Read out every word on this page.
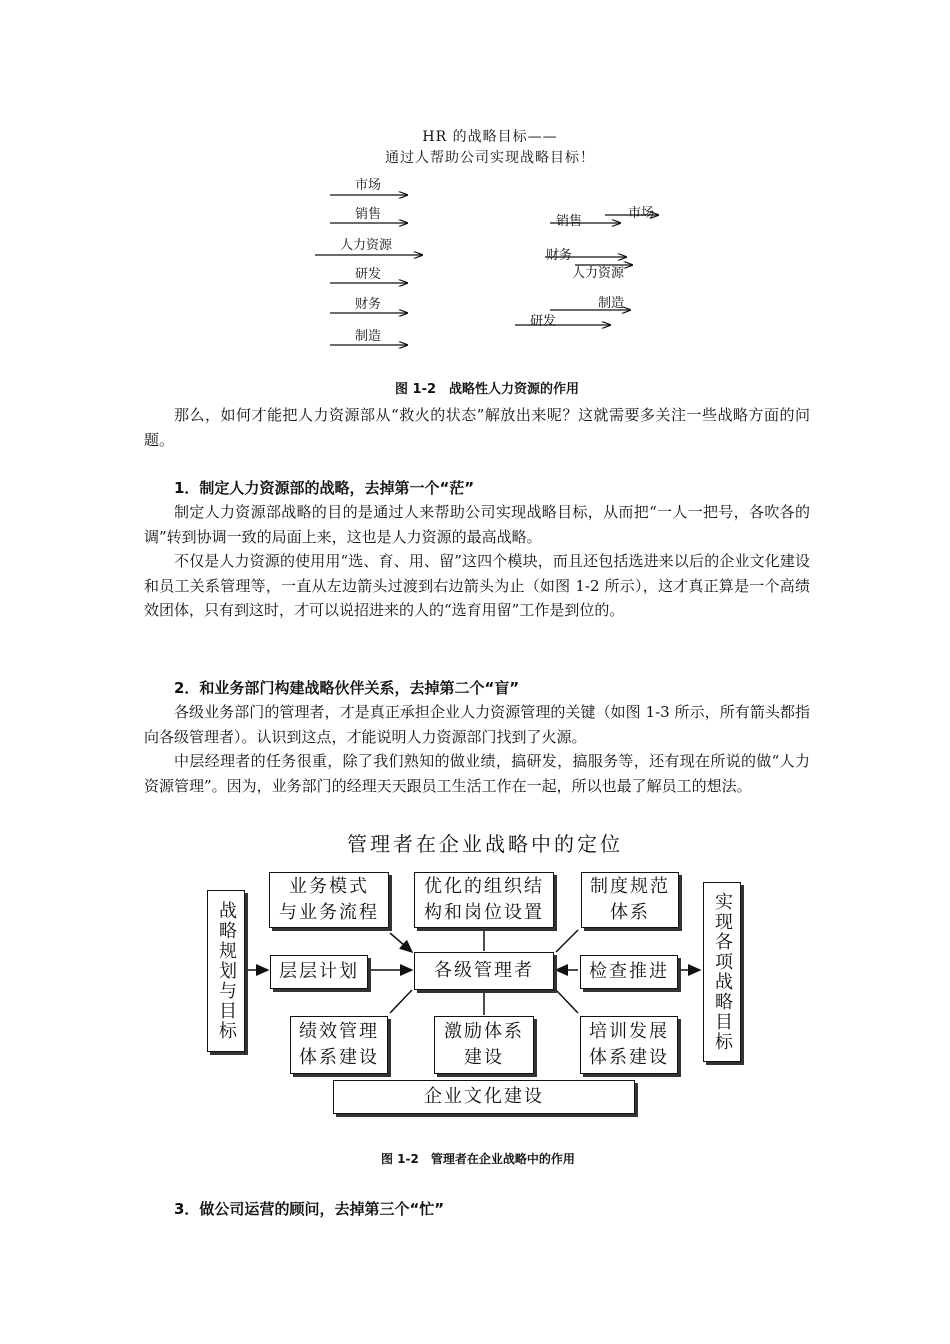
HR 的战略目标——
通过人帮助公司实现战略目标！
市场
销售
人力资源
研发
财务
制造
市场
销售
财务
人力资源
制造
研发
图 1-2　战略性人力资源的作用

那么，如何才能把人力资源部从“救火的状态”解放出来呢？这就需要多关注一些战略方面的问题。

1．制定人力资源部的战略，去掉第一个“茫”

制定人力资源部战略的目的是通过人来帮助公司实现战略目标，从而把“一人一把号，各吹各的调”转到协调一致的局面上来，这也是人力资源的最高战略。

不仅是人力资源的使用用“选、育、用、留”这四个模块，而且还包括选进来以后的企业文化建设和员工关系管理等，一直从左边箭头过渡到右边箭头为止（如图 1-2 所示），这才真正算是一个高绩效团体，只有到这时，才可以说招进来的人的“选育用留”工作是到位的。

2．和业务部门构建战略伙伴关系，去掉第二个“盲”

各级业务部门的管理者，才是真正承担企业人力资源管理的关键（如图 1-3 所示，所有箭头都指向各级管理者）。认识到这点，才能说明人力资源部门找到了火源。

中层经理者的任务很重，除了我们熟知的做业绩，搞研发，搞服务等，还有现在所说的做“人力资源管理”。因为，业务部门的经理天天跟员工生活工作在一起，所以也最了解员工的想法。

管理者在企业战略中的定位
战略规划与目标	实现各项战略目标
业务模式
与业务流程
优化的组织结
构和岗位设置
制度规范
体系
层层计划	各级管理者	检查推进
绩效管理
体系建设
激励体系
建设
培训发展
体系建设
企业文化建设
图 1-2　管理者在企业战略中的作用
3．做公司运营的顾问，去掉第三个“忙”
